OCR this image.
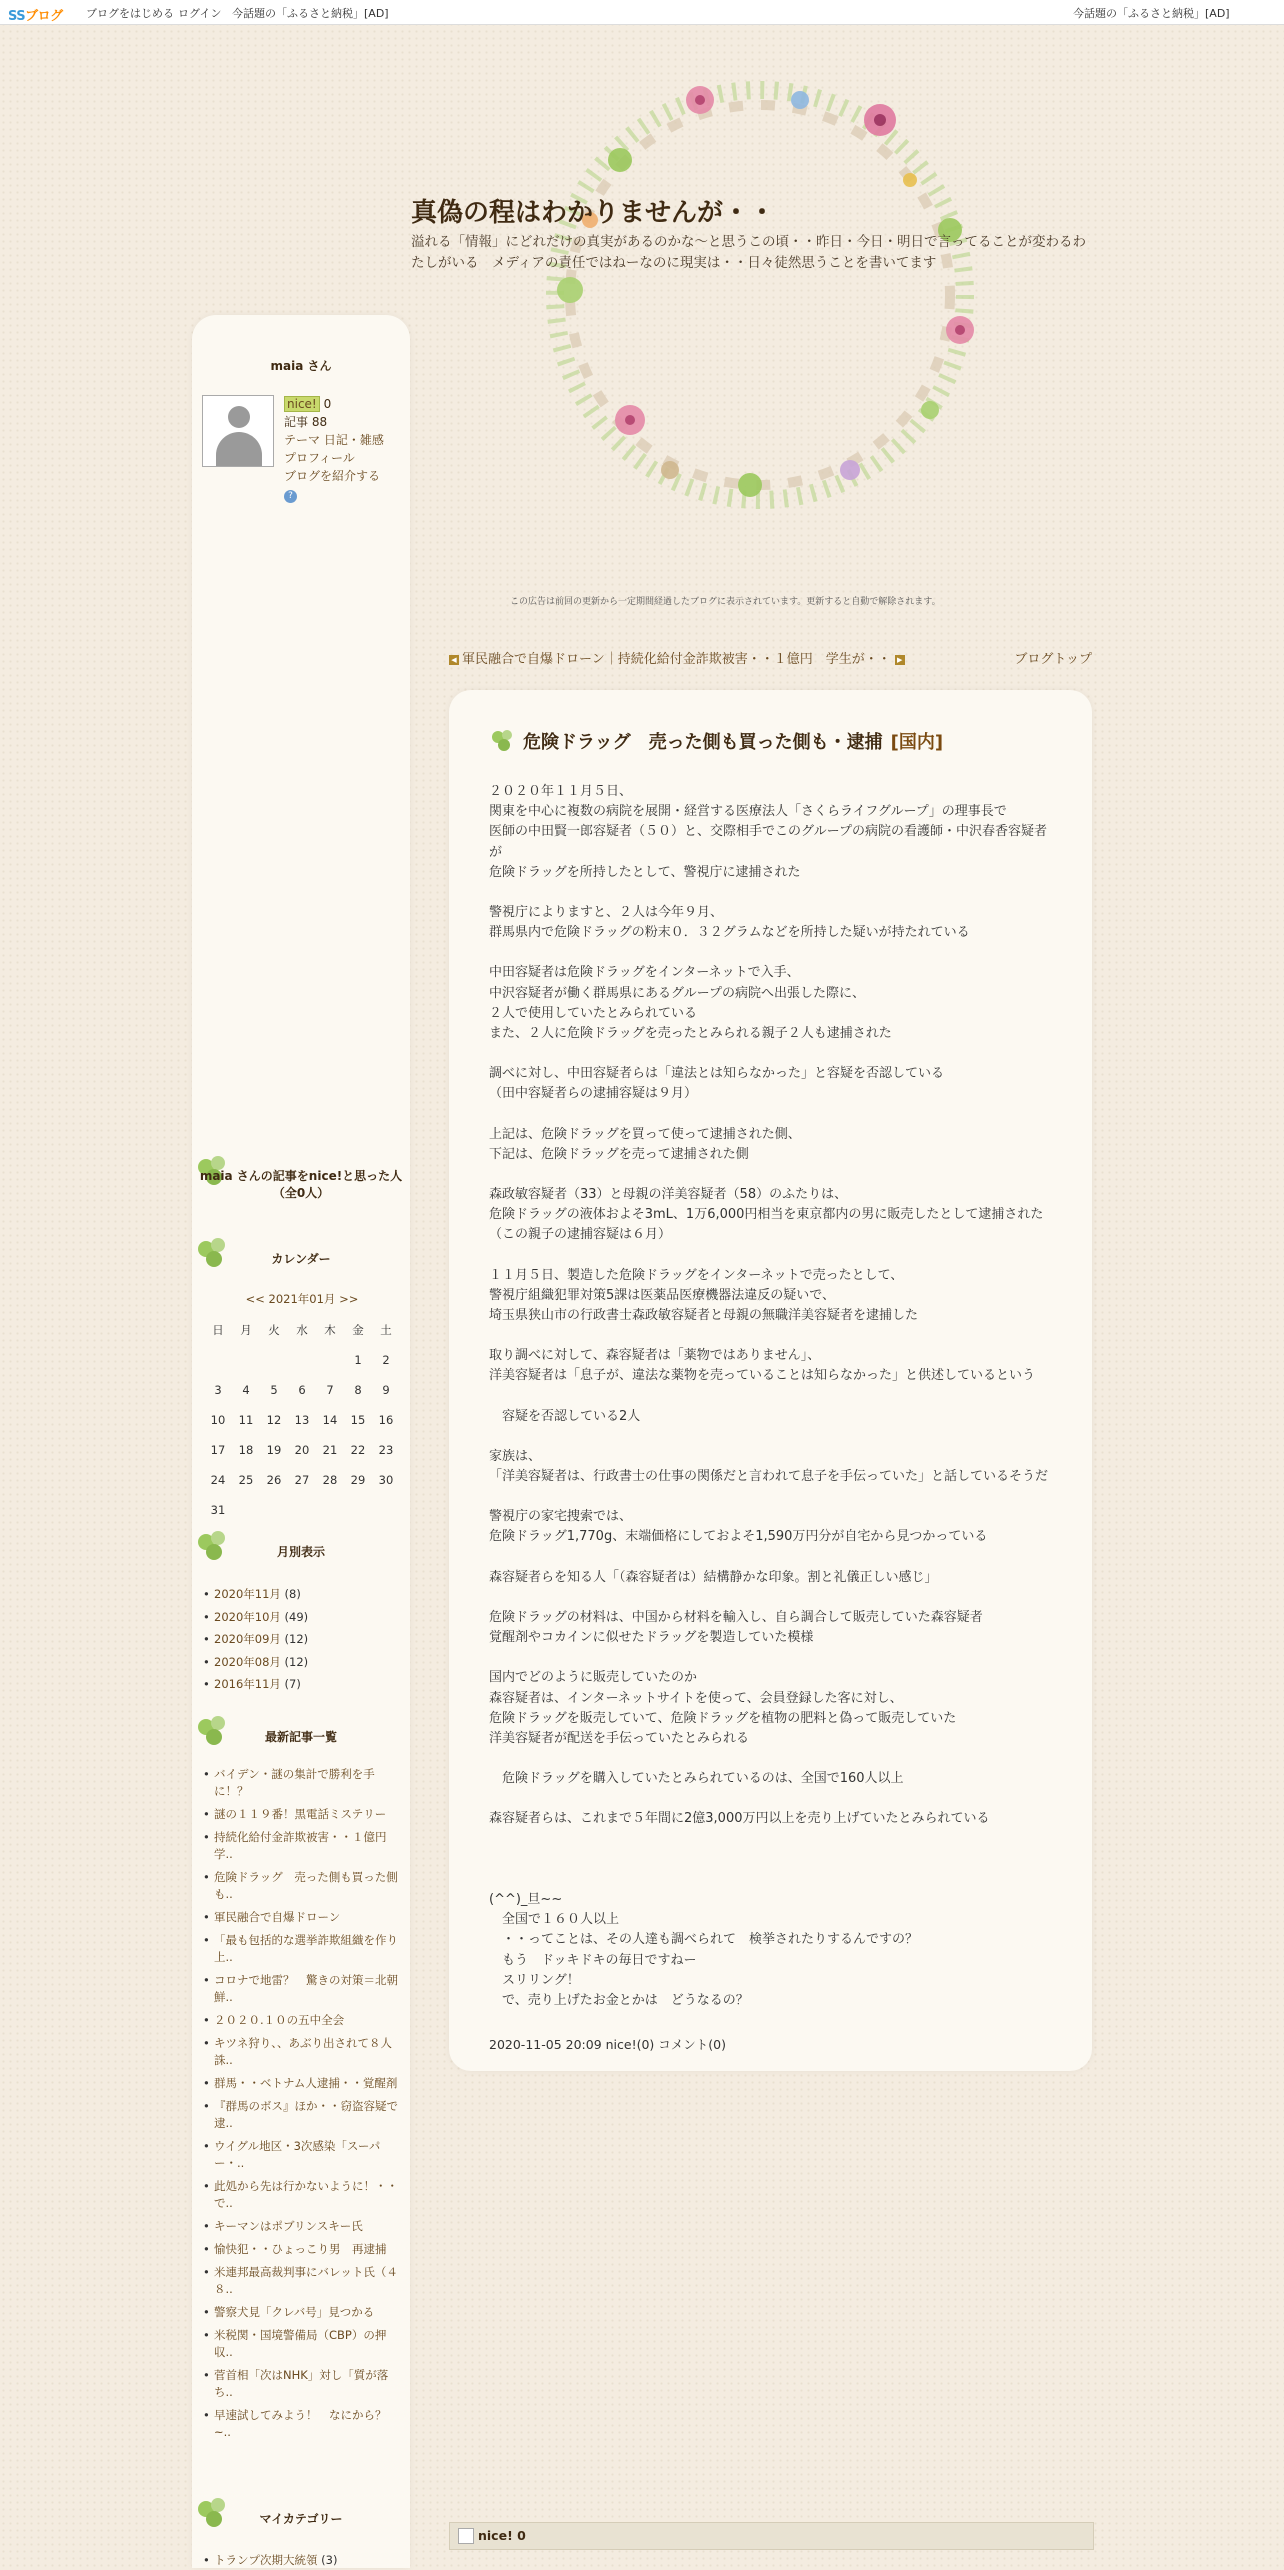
SSブログ ブログをはじめる ログイン 今話題の「ふるさと納税」[AD]	今話題の「ふるさと納税」[AD]
真偽の程はわかりませんが・・
溢れる「情報」にどれだけの真実があるのかな〜と思うこの頃・・昨日・今日・明日で言ってることが変わるわたしがいる　メディアの責任ではねーなのに現実は・・日々徒然思うことを書いてます
この広告は前回の更新から一定期間経過したブログに表示されています。更新すると自動で解除されます。
maia さん
nice! 0
記事 88
テーマ 日記・雑感
プロフィール
ブログを紹介する
?
maia さんの記事をnice!と思った人（全0人）
カレンダー
<< 2021年01月 >>
日	月	火	水	木	金	土
					1	2
3	4	5	6	7	8	9
10	11	12	13	14	15	16
17	18	19	20	21	22	23
24	25	26	27	28	29	30
31						
月別表示
• 2020年11月 (8)
• 2020年10月 (49)
• 2020年09月 (12)
• 2020年08月 (12)
• 2016年11月 (7)
最新記事一覧
• バイデン・謎の集計で勝利を手に！？
• 謎の１１９番！黒電話ミステリー
• 持続化給付金詐欺被害・・１億円　学..
• 危険ドラッグ　売った側も買った側も..
• 軍民融合で自爆ドローン
• 「最も包括的な選挙詐欺組織を作り上..
• コロナで地雷？　驚きの対策＝北朝鮮..
• ２０２０.１０の五中全会
• キツネ狩り、、あぶり出されて８人誅..
• 群馬・・ベトナム人逮捕・・覚醒剤
• 『群馬のボス』ほか・・窃盗容疑で逮..
• ウイグル地区・3次感染「スーパー・..
• 此処から先は行かないように！・・で..
• キーマンはポブリンスキー氏
• 愉快犯・・ひょっこり男　再逮捕
• 米連邦最高裁判事にバレット氏（４８..
• 警察犬見「クレバ号」見つかる
• 米税関・国境警備局（CBP）の押収..
• 菅首相「次はNHK」対し「質が落ち..
• 早速試してみよう！　なにから？　~..
マイカテゴリー
• トランプ次期大統領 (3)
◀ 軍民融合で自爆ドローン｜持続化給付金詐欺被害・・１億円　学生が・・ ▶	ブログトップ
危険ドラッグ　売った側も買った側も・逮捕 [国内]

２０２０年１１月５日、
関東を中心に複数の病院を展開・経営する医療法人「さくらライフグループ」の理事長で
医師の中田賢一郎容疑者（５０）と、交際相手でこのグループの病院の看護師・中沢春香容疑者が
危険ドラッグを所持したとして、警視庁に逮捕された

警視庁によりますと、２人は今年９月、
群馬県内で危険ドラッグの粉末０．３２グラムなどを所持した疑いが持たれている

中田容疑者は危険ドラッグをインターネットで入手、
中沢容疑者が働く群馬県にあるグループの病院へ出張した際に、
２人で使用していたとみられている
また、２人に危険ドラッグを売ったとみられる親子２人も逮捕された

調べに対し、中田容疑者らは「違法とは知らなかった」と容疑を否認している
（田中容疑者らの逮捕容疑は９月）

上記は、危険ドラッグを買って使って逮捕された側、
下記は、危険ドラッグを売って逮捕された側

森政敏容疑者（33）と母親の洋美容疑者（58）のふたりは、
危険ドラッグの液体およそ3mL、1万6,000円相当を東京都内の男に販売したとして逮捕された
（この親子の逮捕容疑は６月）

１１月５日、製造した危険ドラッグをインターネットで売ったとして、
警視庁組織犯罪対策5課は医薬品医療機器法違反の疑いで、
埼玉県狭山市の行政書士森政敏容疑者と母親の無職洋美容疑者を逮捕した

取り調べに対して、森容疑者は「薬物ではありません」、
洋美容疑者は「息子が、違法な薬物を売っていることは知らなかった」と供述しているという

　容疑を否認している2人

家族は、
「洋美容疑者は、行政書士の仕事の関係だと言われて息子を手伝っていた」と話しているそうだ

警視庁の家宅捜索では、
危険ドラッグ1,770g、末端価格にしておよそ1,590万円分が自宅から見つかっている

森容疑者らを知る人「（森容疑者は）結構静かな印象。割と礼儀正しい感じ」

危険ドラッグの材料は、中国から材料を輸入し、自ら調合して販売していた森容疑者
覚醒剤やコカインに似せたドラッグを製造していた模様

国内でどのように販売していたのか
森容疑者は、インターネットサイトを使って、会員登録した客に対し、
危険ドラッグを販売していて、危険ドラッグを植物の肥料と偽って販売していた
洋美容疑者が配送を手伝っていたとみられる

　危険ドラッグを購入していたとみられているのは、全国で160人以上

森容疑者らは、これまで５年間に2億3,000万円以上を売り上げていたとみられている

(^^)_旦~~
　全国で１６０人以上
　・・ってことは、その人達も調べられて　検挙されたりするんですの？
　もう　ドッキドキの毎日ですねー
　スリリング！
　で、売り上げたお金とかは　どうなるの？

2020-11-05 20:09 nice!(0) コメント(0)
nice! 0
